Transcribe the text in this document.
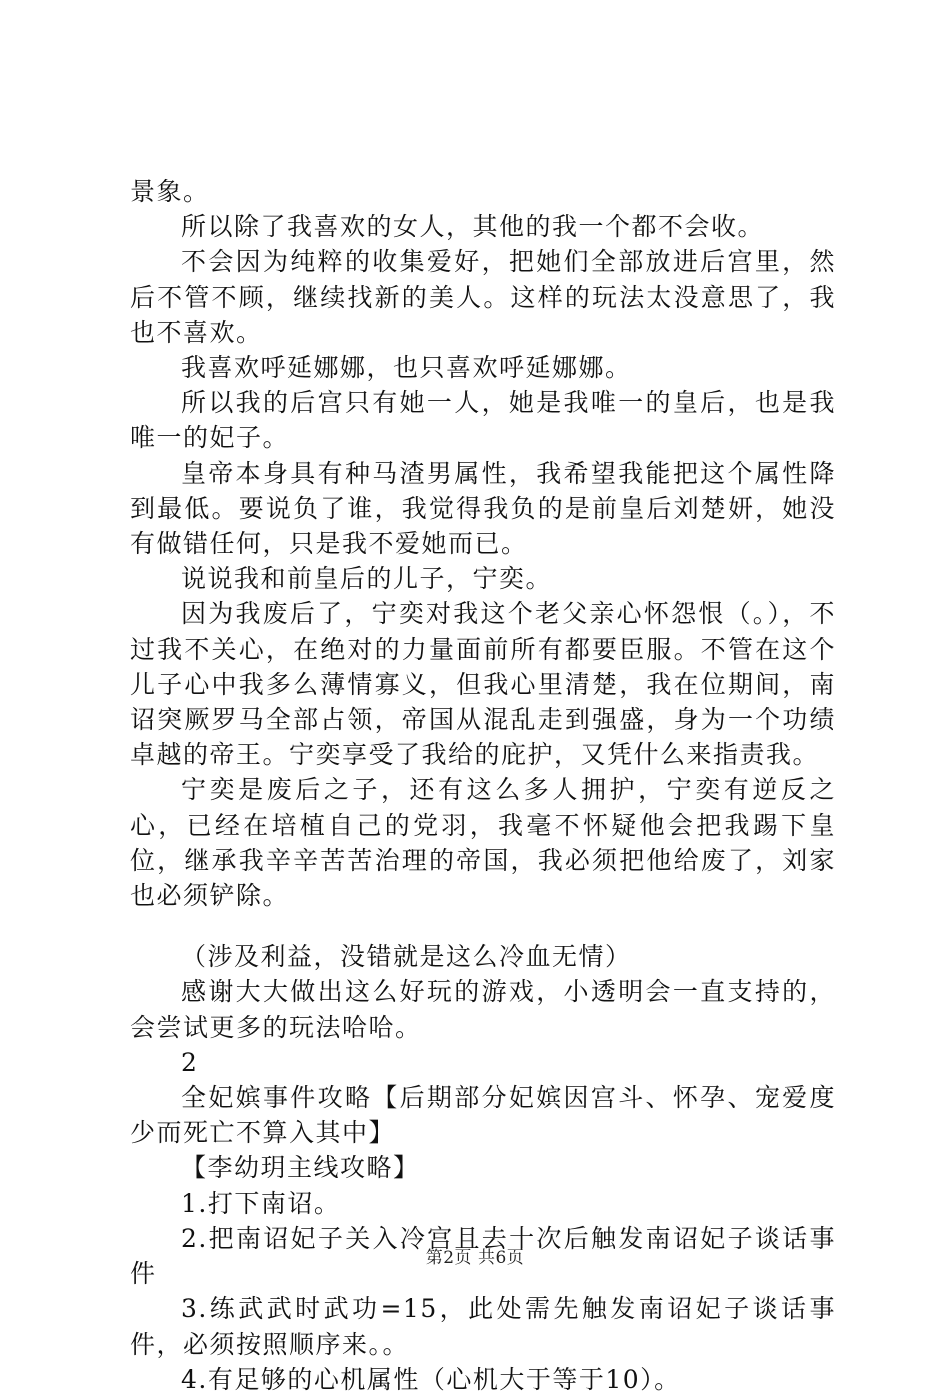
景象。

所以除了我喜欢的女人，其他的我一个都不会收。

不会因为纯粹的收集爱好，把她们全部放进后宫里，然后不管不顾，继续找新的美人。这样的玩法太没意思了，我也不喜欢。

我喜欢呼延娜娜，也只喜欢呼延娜娜。

所以我的后宫只有她一人，她是我唯一的皇后，也是我唯一的妃子。

皇帝本身具有种马渣男属性，我希望我能把这个属性降到最低。要说负了谁，我觉得我负的是前皇后刘楚妍，她没有做错任何，只是我不爱她而已。

说说我和前皇后的儿子，宁奕。

因为我废后了，宁奕对我这个老父亲心怀怨恨（。），不过我不关心，在绝对的力量面前所有都要臣服。不管在这个儿子心中我多么薄情寡义，但我心里清楚，我在位期间，南诏突厥罗马全部占领，帝国从混乱走到强盛，身为一个功绩卓越的帝王。宁奕享受了我给的庇护，又凭什么来指责我。

宁奕是废后之子，还有这么多人拥护，宁奕有逆反之心，已经在培植自己的党羽，我毫不怀疑他会把我踢下皇位，继承我辛辛苦苦治理的帝国，我必须把他给废了，刘家也必须铲除。

（涉及利益，没错就是这么冷血无情）

感谢大大做出这么好玩的游戏，小透明会一直支持的，会尝试更多的玩法哈哈。

2

全妃嫔事件攻略【后期部分妃嫔因宫斗、怀孕、宠爱度少而死亡不算入其中】

【李幼玥主线攻略】

1.打下南诏。

2.把南诏妃子关入冷宫且去十次后触发南诏妃子谈话事件

3.练武武时武功=15，此处需先触发南诏妃子谈话事件，必须按照顺序来。。

4.有足够的心机属性（心机大于等于10）。

第2页 共6页
